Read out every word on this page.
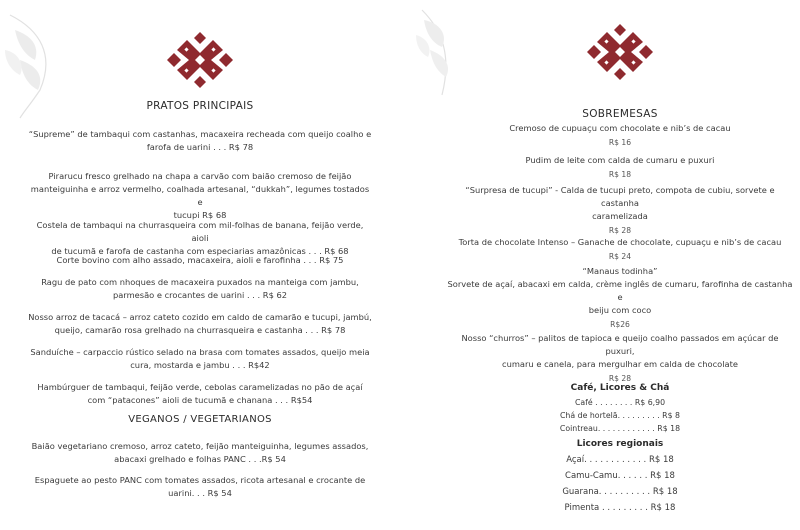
PRATOS PRINCIPAIS
“Supreme” de tambaqui com castanhas, macaxeira recheada com queijo coalho e
farofa de uarini . . . R$ 78
Pirarucu fresco grelhado na chapa a carvão com baião cremoso de feijão
manteiguinha e arroz vermelho, coalhada artesanal, “dukkah”, legumes tostados e
tucupi R$ 68
Costela de tambaqui na churrasqueira com mil-folhas de banana, feijão verde, aioli
de tucumã e farofa de castanha com especiarias amazônicas . . . R$ 68
Corte bovino com alho assado, macaxeira, aioli e farofinha . . . R$ 75
Ragu de pato com nhoques de macaxeira puxados na manteiga com jambu,
parmesão e crocantes de uarini . . . R$ 62
Nosso arroz de tacacá – arroz cateto cozido em caldo de camarão e tucupi, jambú,
queijo, camarão rosa grelhado na churrasqueira e castanha . . . R$ 78
Sanduíche – carpaccio rústico selado na brasa com tomates assados, queijo meia
cura, mostarda e jambu . . . R$42
Hambúrguer de tambaqui, feijão verde, cebolas caramelizadas no pão de açaí
com “patacones” aioli de tucumã e chanana . . . R$54
VEGANOS / VEGETARIANOS
Baião vegetariano cremoso, arroz cateto, feijão manteiguinha, legumes assados,
abacaxi grelhado e folhas PANC . . .R$ 54
Espaguete ao pesto PANC com tomates assados, ricota artesanal e crocante de
uarini. . . R$ 54
SOBREMESAS
Cremoso de cupuaçu com chocolate e nib’s de cacau
R$ 16
Pudim de leite com calda de cumaru e puxuri
R$ 18
“Surpresa de tucupi” - Calda de tucupi preto, compota de cubiu, sorvete e castanha
caramelizada
R$ 28
Torta de chocolate Intenso – Ganache de chocolate, cupuaçu e nib’s de cacau
R$ 24
“Manaus todinha”
Sorvete de açaí, abacaxi em calda, crème inglês de cumaru, farofinha de castanha e
beiju com coco
R$26
Nosso “churros” – palitos de tapioca e queijo coalho passados em açúcar de puxuri,
cumaru e canela, para mergulhar em calda de chocolate
R$ 28
Café, Licores & Chá
Café . . . . . . . . R$ 6,90
Chá de hortelã. . . . . . . . . R$ 8
Cointreau. . . . . . . . . . . . R$ 18
Licores regionais
Açaí. . . . . . . . . . . . R$ 18
Camu-Camu. . . . . . R$ 18
Guarana. . . . . . . . . . R$ 18
Pimenta . . . . . . . . . R$ 18
